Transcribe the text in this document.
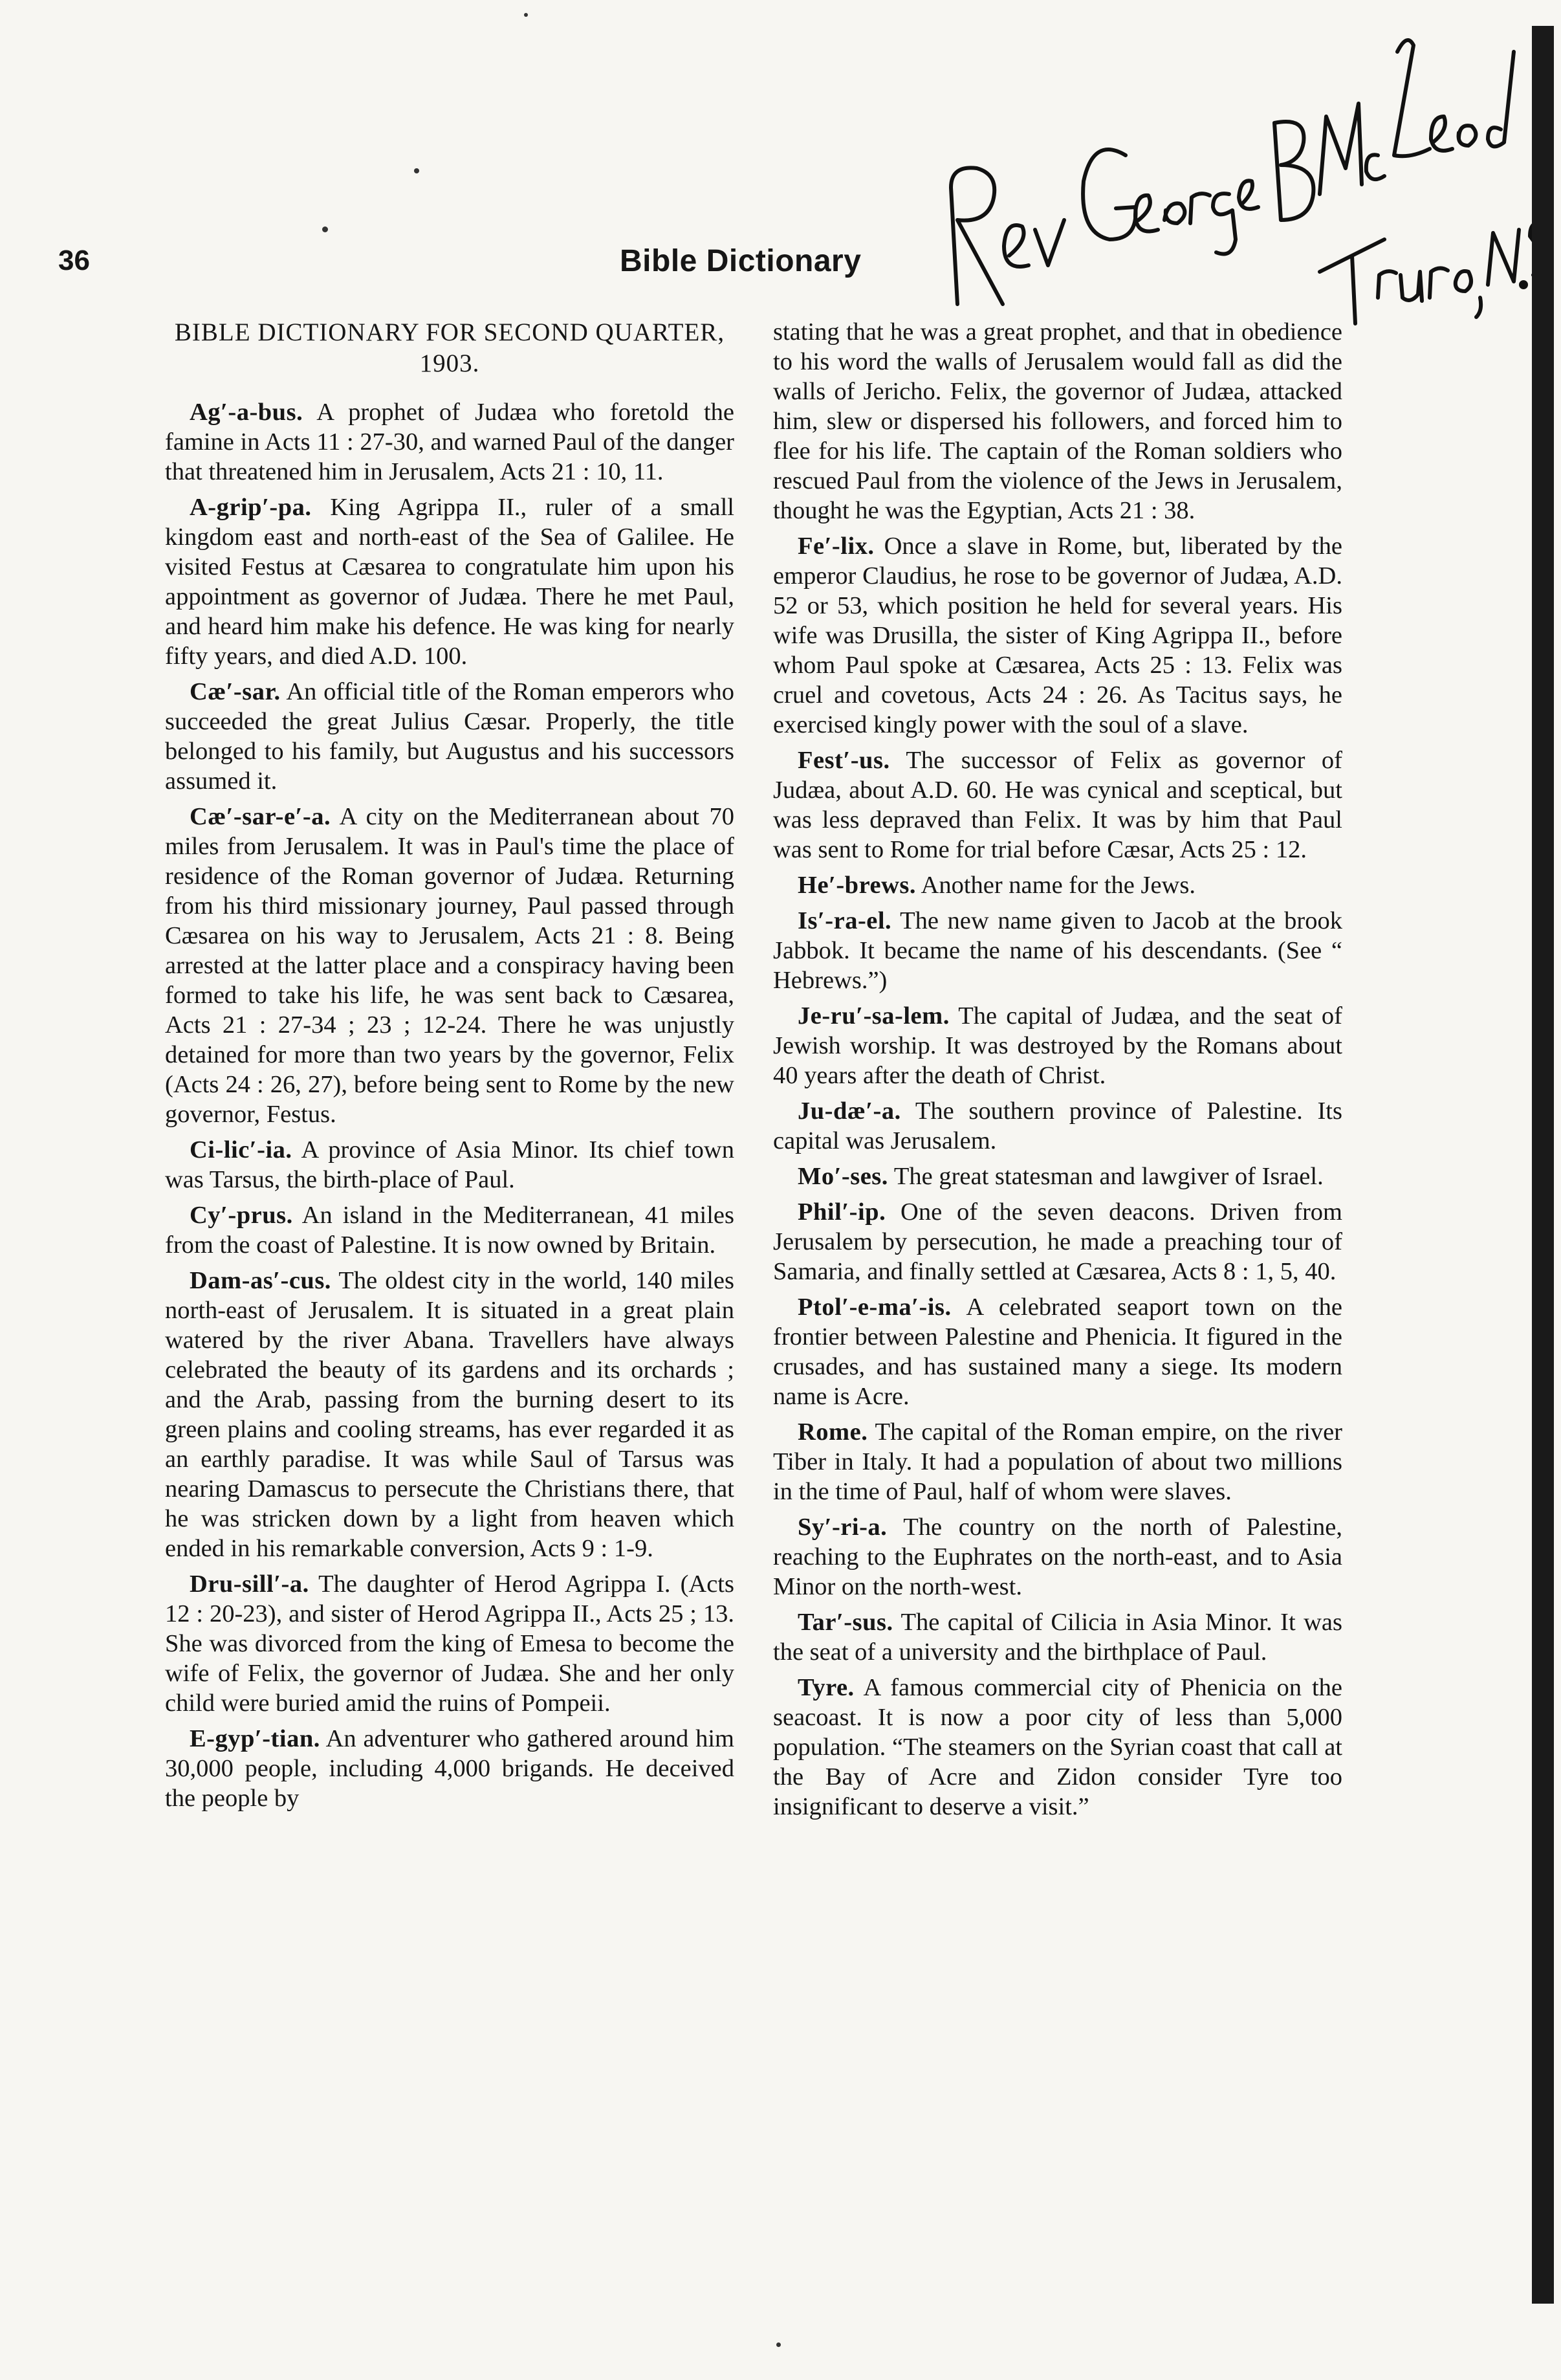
36	Bible Dictionary
BIBLE DICTIONARY FOR SECOND QUARTER, 1903.

Ag′-a-bus. A prophet of Judæa who foretold the famine in Acts 11 : 27-30, and warned Paul of the danger that threatened him in Jerusalem, Acts 21 : 10, 11.

A-grip′-pa. King Agrippa II., ruler of a small kingdom east and north-east of the Sea of Galilee. He visited Festus at Cæsarea to congratulate him upon his appointment as governor of Judæa. There he met Paul, and heard him make his defence. He was king for nearly fifty years, and died A.D. 100.

Cæ′-sar. An official title of the Roman emperors who succeeded the great Julius Cæsar. Properly, the title belonged to his family, but Augustus and his successors assumed it.

Cæ′-sar-e′-a. A city on the Mediterranean about 70 miles from Jerusalem. It was in Paul's time the place of residence of the Roman governor of Judæa. Returning from his third missionary journey, Paul passed through Cæsarea on his way to Jerusalem, Acts 21 : 8. Being arrested at the latter place and a conspiracy having been formed to take his life, he was sent back to Cæsarea, Acts 21 : 27-34 ; 23 ; 12-24. There he was unjustly detained for more than two years by the governor, Felix (Acts 24 : 26, 27), before being sent to Rome by the new governor, Festus.

Ci-lic′-ia. A province of Asia Minor. Its chief town was Tarsus, the birth-place of Paul.

Cy′-prus. An island in the Mediterranean, 41 miles from the coast of Palestine. It is now owned by Britain.

Dam-as′-cus. The oldest city in the world, 140 miles north-east of Jerusalem. It is situated in a great plain watered by the river Abana. Travellers have always celebrated the beauty of its gardens and its orchards ; and the Arab, passing from the burning desert to its green plains and cooling streams, has ever regarded it as an earthly paradise. It was while Saul of Tarsus was nearing Damascus to persecute the Christians there, that he was stricken down by a light from heaven which ended in his remarkable conversion, Acts 9 : 1-9.

Dru-sill′-a. The daughter of Herod Agrippa I. (Acts 12 : 20-23), and sister of Herod Agrippa II., Acts 25 ; 13. She was divorced from the king of Emesa to become the wife of Felix, the governor of Judæa. She and her only child were buried amid the ruins of Pompeii.

E-gyp′-tian. An adventurer who gathered around him 30,000 people, including 4,000 brigands. He deceived the people by

stating that he was a great prophet, and that in obedience to his word the walls of Jerusalem would fall as did the walls of Jericho. Felix, the governor of Judæa, attacked him, slew or dispersed his followers, and forced him to flee for his life. The captain of the Roman soldiers who rescued Paul from the violence of the Jews in Jerusalem, thought he was the Egyptian, Acts 21 : 38.

Fe′-lix. Once a slave in Rome, but, liberated by the emperor Claudius, he rose to be governor of Judæa, A.D. 52 or 53, which position he held for several years. His wife was Drusilla, the sister of King Agrippa II., before whom Paul spoke at Cæsarea, Acts 25 : 13. Felix was cruel and covetous, Acts 24 : 26. As Tacitus says, he exercised kingly power with the soul of a slave.

Fest′-us. The successor of Felix as governor of Judæa, about A.D. 60. He was cynical and sceptical, but was less depraved than Felix. It was by him that Paul was sent to Rome for trial before Cæsar, Acts 25 : 12.

He′-brews. Another name for the Jews.

Is′-ra-el. The new name given to Jacob at the brook Jabbok. It became the name of his descendants. (See “ Hebrews.”)

Je-ru′-sa-lem. The capital of Judæa, and the seat of Jewish worship. It was destroyed by the Romans about 40 years after the death of Christ.

Ju-dæ′-a. The southern province of Palestine. Its capital was Jerusalem.

Mo′-ses. The great statesman and lawgiver of Israel.

Phil′-ip. One of the seven deacons. Driven from Jerusalem by persecution, he made a preaching tour of Samaria, and finally settled at Cæsarea, Acts 8 : 1, 5, 40.

Ptol′-e-ma′-is. A celebrated seaport town on the frontier between Palestine and Phenicia. It figured in the crusades, and has sustained many a siege. Its modern name is Acre.

Rome. The capital of the Roman empire, on the river Tiber in Italy. It had a population of about two millions in the time of Paul, half of whom were slaves.

Sy′-ri-a. The country on the north of Palestine, reaching to the Euphrates on the north-east, and to Asia Minor on the north-west.

Tar′-sus. The capital of Cilicia in Asia Minor. It was the seat of a university and the birthplace of Paul.

Tyre. A famous commercial city of Phenicia on the seacoast. It is now a poor city of less than 5,000 population. “The steamers on the Syrian coast that call at the Bay of Acre and Zidon consider Tyre too insignificant to deserve a visit.”
